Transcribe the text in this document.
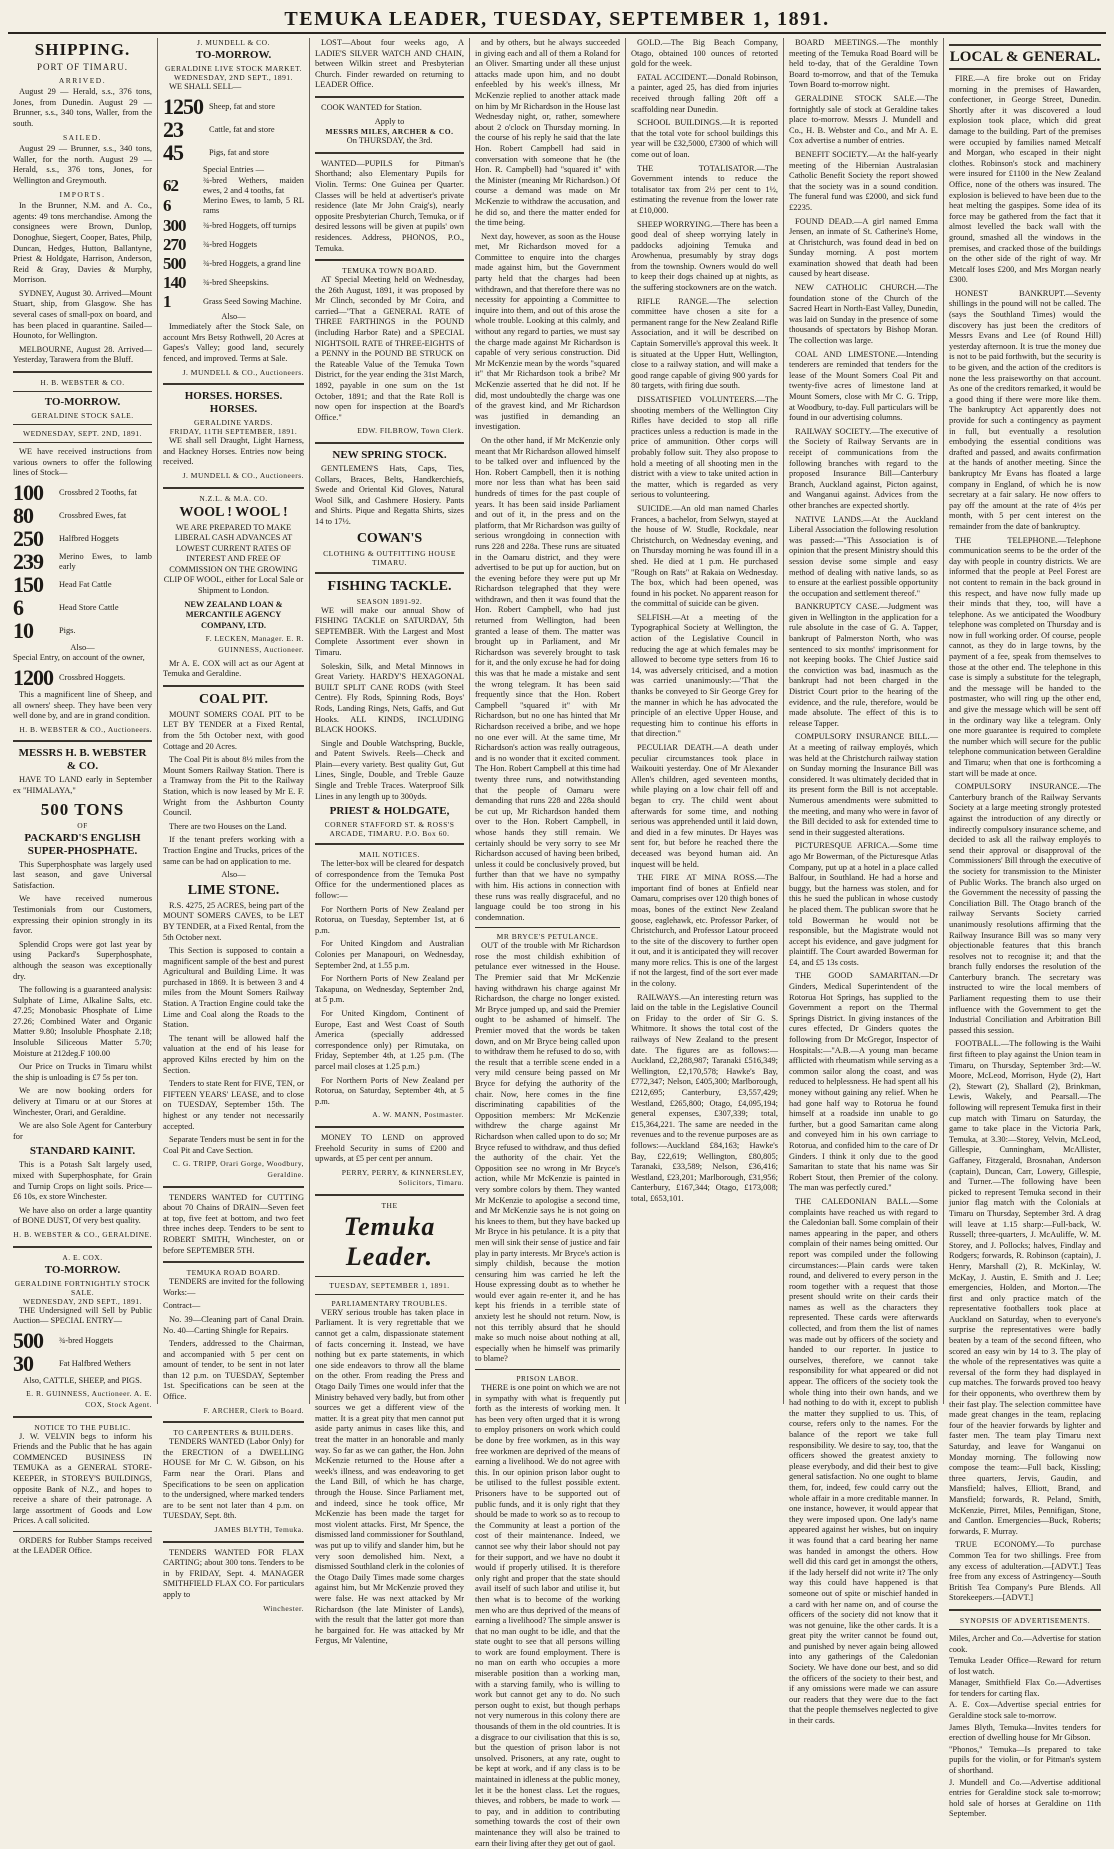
TEMUKA LEADER, TUESDAY, SEPTEMBER 1, 1891.
SHIPPING.
PORT OF TIMARU.
ARRIVED.

August 29 — Herald, s.s., 376 tons, Jones, from Dunedin. August 29 — Brunner, s.s., 340 tons, Waller, from the south.

SAILED.

August 29 — Brunner, s.s., 340 tons, Waller, for the north. August 29 — Herald, s.s., 376 tons, Jones, for Wellington and Greymouth.

IMPORTS.

In the Brunner, N.M. and A. Co., agents: 49 tons merchandise. Among the consignees were Brown, Dunlop, Donoghue, Siegert, Cooper, Bates, Philp, Duncan, Hedges, Hutton, Ballantyne, Priest & Holdgate, Harrison, Anderson, Reid & Gray, Davies & Murphy, Morrison.

SYDNEY, August 30. Arrived—Mount Stuart, ship, from Glasgow. She has several cases of small-pox on board, and has been placed in quarantine. Sailed—Hounoto, for Wellington.

MELBOURNE, August 28. Arrived—Yesterday, Tarawera from the Bluff.

H. B. WEBSTER & CO.
TO-MORROW.
GERALDINE STOCK SALE.
WEDNESDAY, SEPT. 2ND, 1891.

WE have received instructions from various owners to offer the following lines of Stock—

100	Crossbred 2 Tooths, fat
80	Crossbred Ewes, fat
250	Halfbred Hoggets
239	Merino Ewes, to lamb early
150	Head Fat Cattle
6	Head Store Cattle
10	Pigs.
Also—

Special Entry, on account of the owner,

1200 Crossbred Hoggets.

This a magnificent line of Sheep, and all owners' sheep. They have been very well done by, and are in grand condition.

H. B. WEBSTER & CO., Auctioneers.
MESSRS H. B. WEBSTER & CO.

HAVE TO LAND early in September ex "HIMALAYA,"

500 TONS
OF
PACKARD'S ENGLISH SUPER-PHOSPHATE.

This Superphosphate was largely used last season, and gave Universal Satisfaction.

We have received numerous Testimonials from our Customers, expressing their opinion strongly in its favor.

Splendid Crops were got last year by using Packard's Superphosphate, although the season was exceptionally dry.

The following is a guaranteed analysis: Sulphate of Lime, Alkaline Salts, etc. 47.25; Monobasic Phosphate of Lime 27.26; Combined Water and Organic Matter 9.80; Insoluble Phosphate 2.18; Insoluble Siliceous Matter 5.70; Moisture at 212deg.F 100.00

Our Price on Trucks in Timaru whilst the ship is unloading is £7 5s per ton.

We are now booking orders for delivery at Timaru or at our Stores at Winchester, Orari, and Geraldine.

We are also Sole Agent for Canterbury for

STANDARD KAINIT.

This is a Potash Salt largely used, mixed with Superphosphate, for Grain and Turnip Crops on light soils. Price—£6 10s, ex store Winchester.

We have also on order a large quantity of BONE DUST, Of very best quality.

H. B. WEBSTER & CO., GERALDINE.
A. E. COX.
TO-MORROW.
GERALDINE FORTNIGHTLY STOCK SALE.
WEDNESDAY, 2ND SEPT., 1891.

THE Undersigned will Sell by Public Auction— SPECIAL ENTRY—

500	¾-bred Hoggets
30	Fat Halfbred Wethers

Also, CATTLE, SHEEP, and PIGS.

E. R. GUINNESS, Auctioneer. A. E. COX, Stock Agent.
NOTICE TO THE PUBLIC.

J. W. VELVIN begs to inform his Friends and the Public that he has again COMMENCED BUSINESS IN TEMUKA as a GENERAL STORE-KEEPER, in STOREY'S BUILDINGS, opposite Bank of N.Z., and hopes to receive a share of their patronage. A large assortment of Goods and Low Prices. A call solicited.

ORDERS for Rubber Stamps received at the LEADER Office.

J. MUNDELL & CO.
TO-MORROW.
GERALDINE LIVE STOCK MARKET.
WEDNESDAY, 2ND SEPT., 1891.

WE SHALL SELL—

1250 Sheep, fat and store
23	Cattle, fat and store
45	Pigs, fat and store
Special Entries —
62	¾-bred Wethers, maiden ewes, 2 and 4 tooths, fat
6	Merino Ewes, to lamb, 5 RL rams
300	¾-bred Hoggets, off turnips
270	¾-bred Hoggets
500	¾-bred Hoggets, a grand line
140	¾-bred Sheepskins.
1	Grass Seed Sowing Machine.
Also—

Immediately after the Stock Sale, on account Mrs Betsy Rothwell, 20 Acres at Gapes's Valley; good land, securely fenced, and improved. Terms at Sale.

J. MUNDELL & CO., Auctioneers.
HORSES. HORSES. HORSES.
GERALDINE YARDS.
FRIDAY, 11TH SEPTEMBER, 1891.

WE shall sell Draught, Light Harness, and Hackney Horses. Entries now being received.

J. MUNDELL & CO., Auctioneers.
N.Z.L. & M.A. CO.
WOOL ! WOOL !

WE ARE PREPARED TO MAKE LIBERAL CASH ADVANCES AT LOWEST CURRENT RATES OF INTEREST AND FREE OF COMMISSION ON THE GROWING CLIP OF WOOL, either for Local Sale or Shipment to London.

NEW ZEALAND LOAN & MERCANTILE AGENCY COMPANY, LTD.

F. LECKEN, Manager. E. R. GUINNESS, Auctioneer.

Mr A. E. COX will act as our Agent at Temuka and Geraldine.

COAL PIT.

MOUNT SOMERS COAL PIT to be LET BY TENDER at a Fixed Rental, from the 5th October next, with good Cottage and 20 Acres.

The Coal Pit is about 8½ miles from the Mount Somers Railway Station. There is a Tramway from the Pit to the Railway Station, which is now leased by Mr E. F. Wright from the Ashburton County Council.

There are two Houses on the Land.

If the tenant prefers working with a Traction Engine and Trucks, prices of the same can be had on application to me.

Also—
LIME STONE.

R.S. 4275, 25 ACRES, being part of the MOUNT SOMERS CAVES, to be LET BY TENDER, at a Fixed Rental, from the 5th October next.

This Section is supposed to contain a magnificent sample of the best and purest Agricultural and Building Lime. It was purchased in 1869. It is between 3 and 4 miles from the Mount Somers Railway Station. A Traction Engine could take the Lime and Coal along the Roads to the Station.

The tenant will be allowed half the valuation at the end of his lease for approved Kilns erected by him on the Section.

Tenders to state Rent for FIVE, TEN, or FIFTEEN YEARS' LEASE, and to close on TUESDAY, September 15th. The highest or any tender not necessarily accepted.

Separate Tenders must be sent in for the Coal Pit and Cave Section.

C. G. TRIPP, Orari Gorge, Woodbury, Geraldine.

TENDERS WANTED for CUTTING about 70 Chains of DRAIN—Seven feet at top, five feet at bottom, and two feet three inches deep. Tenders to be sent to ROBERT SMITH, Winchester, on or before SEPTEMBER 5TH.

TEMUKA ROAD BOARD.

TENDERS are invited for the following Works:—

Contract—

No. 39—Cleaning part of Canal Drain. No. 40—Carting Shingle for Repairs.

Tenders, addressed to the Chairman, and accompanied with 5 per cent on amount of tender, to be sent in not later than 12 p.m. on TUESDAY, September 1st. Specifications can be seen at the Office.

F. ARCHER, Clerk to Board.
TO CARPENTERS & BUILDERS.

TENDERS WANTED (Labor Only) for the ERECTION of a DWELLING HOUSE for Mr C. W. Gibson, on his Farm near the Orari. Plans and Specifications to be seen on application to the undersigned, where marked tenders are to be sent not later than 4 p.m. on TUESDAY, Sept. 8th.

JAMES BLYTH, Temuka.

TENDERS WANTED FOR FLAX CARTING; about 300 tons. Tenders to be in by FRIDAY, Sept. 4. MANAGER SMITHFIELD FLAX CO. For particulars apply to

Winchester.

LOST—About four weeks ago, A LADIE'S SILVER WATCH AND CHAIN, between Wilkin street and Presbyterian Church. Finder rewarded on returning to LEADER Office.

COOK WANTED for Station.

Apply to
MESSRS MILES, ARCHER & CO.
On THURSDAY, the 3rd.

WANTED—PUPILS for Pitman's Shorthand; also Elementary Pupils for Violin. Terms: One Guinea per Quarter. Classes will be held at advertiser's private residence (late Mr John Craig's), nearly opposite Presbyterian Church, Temuka, or if desired lessons will be given at pupils' own residences. Address, PHONOS, P.O., Temuka.

TEMUKA TOWN BOARD.

AT Special Meeting held on Wednesday, the 26th August, 1891, it was proposed by Mr Clinch, seconded by Mr Coira, and carried—"That a GENERAL RATE of THREE FARTHINGS in the POUND (including Harbor Rate) and a SPECIAL NIGHTSOIL RATE of THREE-EIGHTS of a PENNY in the POUND BE STRUCK on the Rateable Value of the Temuka Town District, for the year ending the 31st March, 1892, payable in one sum on the 1st October, 1891; and that the Rate Roll is now open for inspection at the Board's Office."

EDW. FILBROW, Town Clerk.
NEW SPRING STOCK.

GENTLEMEN'S Hats, Caps, Ties, Collars, Braces, Belts, Handkerchiefs, Swede and Oriental Kid Gloves, Natural Wool Silk, and Cashmere Hosiery. Pants and Shirts. Pique and Regatta Shirts, sizes 14 to 17½.

COWAN'S
CLOTHING & OUTFITTING HOUSE TIMARU.
FISHING TACKLE.
SEASON 1891-92.

WE will make our annual Show of FISHING TACKLE on SATURDAY, 5th SEPTEMBER. With the Largest and Most Complete Assortment ever shown in Timaru.

Soleskin, Silk, and Metal Minnows in Great Variety. HARDY'S HEXAGONAL BUILT SPLIT CANE RODS (with Steel Centre). Fly Rods, Spinning Rods, Boys' Rods, Landing Rings, Nets, Gaffs, and Gut Hooks. ALL KINDS, INCLUDING BLACK HOOKS.

Single and Double Watchspring, Buckle, and Patent Swivels. Reels—Check and Plain—every variety. Best quality Gut, Gut Lines, Single, Double, and Treble Gauze Single and Treble Traces. Waterproof Silk Lines in any length up to 300yds.

PRIEST & HOLDGATE,
CORNER STAFFORD ST. & ROSS'S ARCADE, TIMARU. P.O. Box 60.
MAIL NOTICES.

The letter-box will be cleared for despatch of correspondence from the Temuka Post Office for the undermentioned places as follow:—

For Northern Ports of New Zealand per Rotorua, on Tuesday, September 1st, at 6 p.m.

For United Kingdom and Australian Colonies per Manapouri, on Wednesday, September 2nd, at 1.55 p.m.

For Northern Ports of New Zealand per Takapuna, on Wednesday, September 2nd, at 5 p.m.

For United Kingdom, Continent of Europe, East and West Coast of South America (specially addressed correspondence only) per Rimutaka, on Friday, September 4th, at 1.25 p.m. (The parcel mail closes at 1.25 p.m.)

For Northern Ports of New Zealand per Rotorua, on Saturday, September 4th, at 5 p.m.

A. W. MANN, Postmaster.

MONEY TO LEND on approved Freehold Security in sums of £200 and upwards, at £5 per cent per annum.

PERRY, PERRY, & KINNERSLEY, Solicitors, Timaru.
THE
Temuka Leader.
TUESDAY, SEPTEMBER 1, 1891.
PARLIAMENTARY TROUBLES.

VERY serious trouble has taken place in Parliament. It is very regrettable that we cannot get a calm, dispassionate statement of facts concerning it. Instead, we have nothing but ex parte statements, in which one side endeavors to throw all the blame on the other. From reading the Press and Otago Daily Times one would infer that the Ministry behaved very badly, but from other sources we get a different view of the matter. It is a great pity that men cannot put aside party animus in cases like this, and treat the matter in an honorable and manly way. So far as we can gather, the Hon. John McKenzie returned to the House after a week's illness, and was endeavoring to get the Land Bill, of which he has charge, through the House. Since Parliament met, and indeed, since he took office, Mr McKenzie has been made the target for most violent attacks. First, Mr Spence, the dismissed land commissioner for Southland, was put up to vilify and slander him, but he very soon demolished him. Next, a dismissed Southland clerk in the colonies of the Otago Daily Times made some charges against him, but Mr McKenzie proved they were false. He was next attacked by Mr Richardson (the late Minister of Lands), with the result that the latter got more than he bargained for. He was attacked by Mr Fergus, Mr Valentine,

and by others, but he always succeeded in giving each and all of them a Roland for an Oliver. Smarting under all these unjust attacks made upon him, and no doubt enfeebled by his week's illness, Mr McKenzie replied to another attack made on him by Mr Richardson in the House last Wednesday night, or, rather, somewhere about 2 o'clock on Thursday morning. In the course of his reply he said that the late Hon. Robert Campbell had said in conversation with someone that he (the Hon. R. Campbell) had "squared it" with the Minister (meaning Mr Richardson.) Of course a demand was made on Mr McKenzie to withdraw the accusation, and he did so, and there the matter ended for the time being.

Next day, however, as soon as the House met, Mr Richardson moved for a Committee to enquire into the charges made against him, but the Government party held that the charges had been withdrawn, and that therefore there was no necessity for appointing a Committee to inquire into them, and out of this arose the whole trouble. Looking at this calmly, and without any regard to parties, we must say the charge made against Mr Richardson is capable of very serious construction. Did Mr McKenzie mean by the words "squared it" that Mr Richardson took a bribe? Mr McKenzie asserted that he did not. If he did, most undoubtedly the charge was one of the gravest kind, and Mr Richardson was justified in demanding an investigation.

On the other hand, if Mr McKenzie only meant that Mr Richardson allowed himself to be talked over and influenced by the Hon. Robert Campbell, then it is nothing more nor less than what has been said hundreds of times for the past couple of years. It has been said inside Parliament and out of it, in the press and on the platform, that Mr Richardson was guilty of serious wrongdoing in connection with runs 228 and 228a. These runs are situated in the Oamaru district, and they were advertised to be put up for auction, but on the evening before they were put up Mr Richardson telegraphed that they were withdrawn, and then it was found that the Hon. Robert Campbell, who had just returned from Wellington, had been granted a lease of them. The matter was brought up in Parliament, and Mr Richardson was severely brought to task for it, and the only excuse he had for doing this was that he made a mistake and sent the wrong telegram. It has been said frequently since that the Hon. Robert Campbell "squared it" with Mr Richardson, but no one has hinted that Mr Richardson received a bribe, and we hope no one ever will. At the same time, Mr Richardson's action was really outrageous, and is no wonder that it excited comment. The Hon. Robert Campbell at this time had twenty three runs, and notwithstanding that the people of Oamaru were demanding that runs 228 and 228a should be cut up, Mr Richardson handed them over to the Hon. Robert Campbell, in whose hands they still remain. We certainly should be very sorry to see Mr Richardson accused of having been bribed, unless it could be conclusively proved, but further than that we have no sympathy with him. His actions in connection with these runs was really disgraceful, and no language could be too strong in his condemnation.

MR BRYCE'S PETULANCE.

OUT of the trouble with Mr Richardson rose the most childish exhibition of petulance ever witnessed in the House. The Premier said that Mr McKenzie having withdrawn his charge against Mr Richardson, the charge no longer existed. Mr Bryce jumped up, and said the Premier ought to be ashamed of himself. The Premier moved that the words be taken down, and on Mr Bryce being called upon to withdraw them he refused to do so, with the result that a terrible scene ended in a very mild censure being passed on Mr Bryce for defying the authority of the chair. Now, here comes in the fine discriminating capabilities of the Opposition members: Mr McKenzie withdrew the charge against Mr Richardson when called upon to do so; Mr Bryce refused to withdraw, and thus defied the authority of the chair. Yet the Opposition see no wrong in Mr Bryce's action, while Mr McKenzie is painted in very sombre colors by them. They wanted Mr McKenzie to apologise a second time, and Mr McKenzie says he is not going on his knees to them, but they have backed up Mr Bryce in his petulance. It is a pity that men will sink their sense of justice and fair play in party interests. Mr Bryce's action is simply childish, because the motion censuring him was carried he left the House expressing doubt as to whether he would ever again re-enter it, and he has kept his friends in a terrible state of anxiety lest he should not return. Now, is not this terribly absurd that he should make so much noise about nothing at all, especially when he himself was primarily to blame?

PRISON LABOR.

THERE is one point on which we are not in sympathy with what is frequently put forth as the interests of working men. It has been very often urged that it is wrong to employ prisoners on work which could be done by free workmen, as in this way free workmen are deprived of the means of earning a livelihood. We do not agree with this. In our opinion prison labor ought to be utilised to the fullest possible extent. Prisoners have to be supported out of public funds, and it is only right that they should be made to work so as to recoup to the Community at least a portion of the cost of their maintenance. Indeed, we cannot see why their labor should not pay for their support, and we have no doubt it would if properly utilised. It is therefore only right and proper that the state should avail itself of such labor and utilise it, but then what is to become of the working men who are thus deprived of the means of earning a livelihood? The simple answer is that no man ought to be idle, and that the state ought to see that all persons willing to work are found employment. There is no man on earth who occupies a more miserable position than a working man, with a starving family, who is willing to work but cannot get any to do. No such person ought to exist, but though perhaps not very numerous in this colony there are thousands of them in the old countries. It is a disgrace to our civilisation that this is so, but the question of prison labor is not unsolved. Prisoners, at any rate, ought to be kept at work, and if any class is to be maintained in idleness at the public money, let it be the honest class. Let the rogues, thieves, and robbers, be made to work — to pay, and in addition to contributing something towards the cost of their own maintenance they will also be trained to earn their living after they get out of gaol.

GOLD.—The Big Beach Company, Otago, obtained 100 ounces of retorted gold for the week.

FATAL ACCIDENT.—Donald Robinson, a painter, aged 25, has died from injuries received through falling 20ft off a scaffolding near Dunedin.

SCHOOL BUILDINGS.—It is reported that the total vote for school buildings this year will be £32,5000, £7300 of which will come out of loan.

THE TOTALISATOR.—The Government intends to reduce the totalisator tax from 2½ per cent to 1½, estimating the revenue from the lower rate at £10,000.

SHEEP WORRYING.—There has been a good deal of sheep worrying lately in paddocks adjoining Temuka and Arowhenua, presumably by stray dogs from the township. Owners would do well to keep their dogs chained up at nights, as the suffering stockowners are on the watch.

RIFLE RANGE.—The selection committee have chosen a site for a permanent range for the New Zealand Rifle Association, and it will be described on Captain Somerville's approval this week. It is situated at the Upper Hutt, Wellington, close to a railway station, and will make a good range capable of giving 900 yards for 80 targets, with firing due south.

DISSATISFIED VOLUNTEERS.—The shooting members of the Wellington City Rifles have decided to stop all rifle practices unless a reduction is made in the price of ammunition. Other corps will probably follow suit. They also propose to hold a meeting of all shooting men in the district with a view to take united action in the matter, which is regarded as very serious to volunteering.

SUICIDE.—An old man named Charles Frances, a bachelor, from Selwyn, stayed at the house of W. Studle, Rockdale, near Christchurch, on Wednesday evening, and on Thursday morning he was found ill in a shed. He died at 1 p.m. He purchased "Rough on Rats" at Rakaia on Wednesday. The box, which had been opened, was found in his pocket. No apparent reason for the committal of suicide can be given.

SELFISH.—At a meeting of the Typographical Society at Wellington, the action of the Legislative Council in reducing the age at which females may be allowed to become type setters from 16 to 14, was adversely criticised, and a motion was carried unanimously:—"That the thanks be conveyed to Sir George Grey for the manner in which he has advocated the principle of an elective Upper House, and requesting him to continue his efforts in that direction."

PECULIAR DEATH.—A death under peculiar circumstances took place in Waikouiti yesterday. One of Mr Alexander Allen's children, aged seventeen months, while playing on a low chair fell off and began to cry. The child went about afterwards for some time, and nothing serious was apprehended until it laid down, and died in a few minutes. Dr Hayes was sent for, but before he reached there the deceased was beyond human aid. An inquest will be held.

THE FIRE AT MINA ROSS.—The important find of bones at Enfield near Oamaru, comprises over 120 thigh bones of moas, bones of the extinct New Zealand goose, eaglehawk, etc. Professor Parker, of Christchurch, and Professor Latour proceed to the site of the discovery to further open it out, and it is anticipated they will recover many more relics. This is one of the largest if not the largest, find of the sort ever made in the colony.

RAILWAYS.—An interesting return was laid on the table in the Legislative Council on Friday to the order of Sir G. S. Whitmore. It shows the total cost of the railways of New Zealand to the present date. The figures are as follows:—Auckland, £2,288,987; Taranaki £516,349; Wellington, £2,170,578; Hawke's Bay, £772,347; Nelson, £405,300; Marlborough, £212,695; Canterbury, £3,557,429; Westland, £265,800; Otago, £4,095,194; general expenses, £307,339; total, £15,364,221. The same are needed in the revenues and to the revenue purposes are as follows:—Auckland £84,163; Hawke's Bay, £22,619; Wellington, £80,805; Taranaki, £33,589; Nelson, £36,416; Westland, £23,201; Marlborough, £31,956; Canterbury, £167,344; Otago, £173,008; total, £653,101.

BOARD MEETINGS.—The monthly meeting of the Temuka Road Board will be held to-day, that of the Geraldine Town Board to-morrow, and that of the Temuka Town Board to-morrow night.

GERALDINE STOCK SALE.—The fortnightly sale of stock at Geraldine takes place to-morrow. Messrs J. Mundell and Co., H. B. Webster and Co., and Mr A. E. Cox advertise a number of entries.

BENEFIT SOCIETY.—At the half-yearly meeting of the Hibernian Australasian Catholic Benefit Society the report showed that the society was in a sound condition. The funeral fund was £2000, and sick fund £2235.

FOUND DEAD.—A girl named Emma Jensen, an inmate of St. Catherine's Home, at Christchurch, was found dead in bed on Sunday morning. A post mortem examination showed that death had been caused by heart disease.

NEW CATHOLIC CHURCH.—The foundation stone of the Church of the Sacred Heart in North-East Valley, Dunedin, was laid on Sunday in the presence of some thousands of spectators by Bishop Moran. The collection was large.

COAL AND LIMESTONE.—Intending tenderers are reminded that tenders for the lease of the Mount Somers Coal Pit and twenty-five acres of limestone land at Mount Somers, close with Mr C. G. Tripp, at Woodbury, to-day. Full particulars will be found in our advertising columns.

RAILWAY SOCIETY.—The executive of the Society of Railway Servants are in receipt of communications from the following branches with regard to the proposed Insurance Bill—Canterbury Branch, Auckland against, Picton against, and Wanganui against. Advices from the other branches are expected shortly.

NATIVE LANDS.—At the Auckland Liberal Association the following resolution was passed:—"This Association is of opinion that the present Ministry should this session devise some simple and easy method of dealing with native lands, so as to ensure at the earliest possible opportunity the occupation and settlement thereof."

BANKRUPTCY CASE.—Judgment was given in Wellington in the application for a rule absolute in the case of G. A. Tapper, bankrupt of Palmerston North, who was sentenced to six months' imprisonment for not keeping books. The Chief Justice said the conviction was bad, inasmuch as the bankrupt had not been charged in the District Court prior to the hearing of the evidence, and the rule, therefore, would be made absolute. The effect of this is to release Tapper.

COMPULSORY INSURANCE BILL.—At a meeting of railway employés, which was held at the Christchurch railway station on Sunday morning the Insurance Bill was considered. It was ultimately decided that in its present form the Bill is not acceptable. Numerous amendments were submitted to the meeting, and many who were in favor of the Bill decided to ask for extended time to send in their suggested alterations.

PICTURESQUE AFRICA.—Some time ago Mr Bowerman, of the Picturesque Atlas Company, put up at a hotel in a place called Balfour, in Southland. He had a horse and buggy, but the harness was stolen, and for this he sued the publican in whose custody he placed them. The publican swore that he told Bowerman he would not be responsible, but the Magistrate would not accept his evidence, and gave judgment for plaintiff. The Court awarded Bowerman for £4, and £5 13s costs.

THE GOOD SAMARITAN.—Dr Ginders, Medical Superintendent of the Rotorua Hot Springs, has supplied to the Government a report on the Thermal Springs District. In giving instances of the cures effected, Dr Ginders quotes the following from Dr McGregor, Inspector of Hospitals:—"A.B.—A young man became afflicted with rheumatism while serving as a common sailor along the coast, and was reduced to helplessness. He had spent all his money without gaining any relief. When he had gone half way to Rotorua he found himself at a roadside inn unable to go further, but a good Samaritan came along and conveyed him in his own carriage to Rotorua, and confided him to the care of Dr Ginders. I think it only due to the good Samaritan to state that his name was Sir Robert Stout, then Premier of the colony. The man was perfectly cured."

THE CALEDONIAN BALL.—Some complaints have reached us with regard to the Caledonian ball. Some complain of their names appearing in the paper, and others complain of their names being omitted. Our report was compiled under the following circumstances:—Plain cards were taken round, and delivered to every person in the room together with a request that those present should write on their cards their names as well as the characters they represented. These cards were afterwards collected, and from them the list of names was made out by officers of the society and handed to our reporter. In justice to ourselves, therefore, we cannot take responsibility for what appeared or did not appear. The officers of the society took the whole thing into their own hands, and we had nothing to do with it, except to publish the matter they supplied to us. This, of course, refers only to the names. For the balance of the report we take full responsibility. We desire to say, too, that the officers showed the greatest anxiety to please everybody, and did their best to give general satisfaction. No one ought to blame them, for, indeed, few could carry out the whole affair in a more creditable manner. In one instance, however, it would appear that they were imposed upon. One lady's name appeared against her wishes, but on inquiry it was found that a card bearing her name was handed in amongst the others. How well did this card get in amongst the others, if the lady herself did not write it? The only way this could have happened is that someone out of spite or mischief handed in a card with her name on, and of course the officers of the society did not know that it was not genuine, like the other cards. It is a great pity the writer cannot be found out, and punished by never again being allowed into any gatherings of the Caledonian Society. We have done our best, and so did the officers of the society to their best, and if any omissions were made we can assure our readers that they were due to the fact that the people themselves neglected to give in their cards.

LOCAL & GENERAL.

FIRE.—A fire broke out on Friday morning in the premises of Hawarden, confectioner, in George Street, Dunedin. Shortly after it was discovered a loud explosion took place, which did great damage to the building. Part of the premises were occupied by families named Metcalf and Morgan, who escaped in their night clothes. Robinson's stock and machinery were insured for £1100 in the New Zealand Office, none of the others was insured. The explosion is believed to have been due to the heat melting the gaspipes. Some idea of its force may be gathered from the fact that it almost levelled the back wall with the ground, smashed all the windows in the premises, and cracked those of the buildings on the other side of the right of way. Mr Metcalf loses £200, and Mrs Morgan nearly £300.

HONEST BANKRUPT.—Seventy shillings in the pound will not be called. The (says the Southland Times) would the discovery has just been the creditors of Messrs Evans and Lee (of Round Hill) yesterday afternoon. It is true the money due is not to be paid forthwith, but the security is to be given, and the action of the creditors is none the less praiseworthy on that account. As one of the creditors remarked, it would be a good thing if there were more like them. The bankruptcy Act apparently does not provide for such a contingency as payment in full, but eventually a resolution embodying the essential conditions was drafted and passed, and awaits confirmation at the hands of another meeting. Since the bankruptcy Mr Evans has floated a large company in England, of which he is now secretary at a fair salary. He now offers to pay off the amount at the rate of 4½s per month, with 5 per cent interest on the remainder from the date of bankruptcy.

THE TELEPHONE.—Telephone communication seems to be the order of the day with people in country districts. We are informed that the people at Peel Forest are not content to remain in the back ground in this respect, and have now fully made up their minds that they, too, will have a telephone. As we anticipated the Woodbury telephone was completed on Thursday and is now in full working order. Of course, people cannot, as they do in large towns, by the payment of a fee, speak from themselves to those at the other end. The telephone in this case is simply a substitute for the telegraph, and the message will be handed to the postmaster, who will ring up the other end, and give the message which will be sent off in the ordinary way like a telegram. Only one more guarantee is required to complete the number which will secure for the public telephone communication between Geraldine and Timaru; when that one is forthcoming a start will be made at once.

COMPULSORY INSURANCE.—The Canterbury branch of the Railway Servants Society at a large meeting strongly protested against the introduction of any directly or indirectly compulsory insurance scheme, and decided to ask all the railway employés to send their approval or disapproval of the Commissioners' Bill through the executive of the society for transmission to the Minister of Public Works. The branch also urged on the Government the necessity of passing the Conciliation Bill. The Otago branch of the railway Servants Society carried unanimously resolutions affirming that the Railway Insurance Bill was so many very objectionable features that this branch resolves not to recognise it; and that the branch fully endorses the resolution of the Canterbury branch. The secretary was instructed to wire the local members of Parliament requesting them to use their influence with the Government to get the Industrial Conciliation and Arbitration Bill passed this session.

FOOTBALL.—The following is the Waihi first fifteen to play against the Union team in Timaru, on Thursday, September 3rd:—W. Moore, McLeod, Morrison, Hyde (2), Hart (2), Stewart (2), Shallard (2), Brinkman, Lewis, Wakely, and Pearsall.—The following will represent Temuka first in their cup match with Timaru on Saturday, the game to take place in the Victoria Park, Temuka, at 3.30:—Storey, Velvin, McLeod, Gillespie, Cunningham, McAllister, Gaffaney, Fitzgerald, Brosnahan, Anderson (captain), Duncan, Carr, Lowery, Gillespie, and Turner.—The following have been picked to represent Temuka second in their junior flag match with the Colonials at Timaru on Thursday, September 3rd. A drag will leave at 1.15 sharp:—Full-back, W. Russell; three-quarters, J. McAuliffe, W. M. Storey, and J. Pollocks; halves, Findlay and Rodgers; forwards, R. Robinson (captain), J. Henry, Marshall (2), R. McKinlay, W. McKay, J. Austin, E. Smith and J. Lee; emergencies, Holden, and Morton.—The first and only practice match of the representative footballers took place at Auckland on Saturday, when to everyone's surprise the representatives were badly beaten by a team of the second fifteen, who scored an easy win by 14 to 3. The play of the whole of the representatives was quite a reversal of the form they had displayed in cup matches. The forwards proved too heavy for their opponents, who overthrew them by their fast play. The selection committee have made great changes in the team, replacing four of the heavier forwards by lighter and faster men. The team play Timaru next Saturday, and leave for Wanganui on Monday morning. The following now compose the team:—Full back, Kissling; three quarters, Jervis, Gaudin, and Mansfield; halves, Elliott, Brand, and Mansfield; forwards, R. Peland, Smith, McKenzie, Pirret, Miles, Pennifigan, Stone, and Cantlon. Emergencies—Buck, Roberts; forwards, F. Murray.

TRUE ECONOMY.—To purchase Common Tea for two shillings. Free from any excess of adulteration.—[ADVT.] Teas free from any excess of Astringency—South British Tea Company's Pure Blends. All Storekeepers.—[ADVT.]

SYNOPSIS OF ADVERTISEMENTS.

Miles, Archer and Co.—Advertise for station cook.

Temuka Leader Office—Reward for return of lost watch.

Manager, Smithfield Flax Co.—Advertises for tenders for carting flax.

A. E. Cox—Advertise special entries for Geraldine stock sale to-morrow.

James Blyth, Temuka—Invites tenders for erection of dwelling house for Mr Gibson.

"Phonos," Temuka—Is prepared to take pupils for the violin, or for Pitman's system of shorthand.

J. Mundell and Co.—Advertise additional entries for Geraldine stock sale to-morrow; hold sale of horses at Geraldine on 11th September.
